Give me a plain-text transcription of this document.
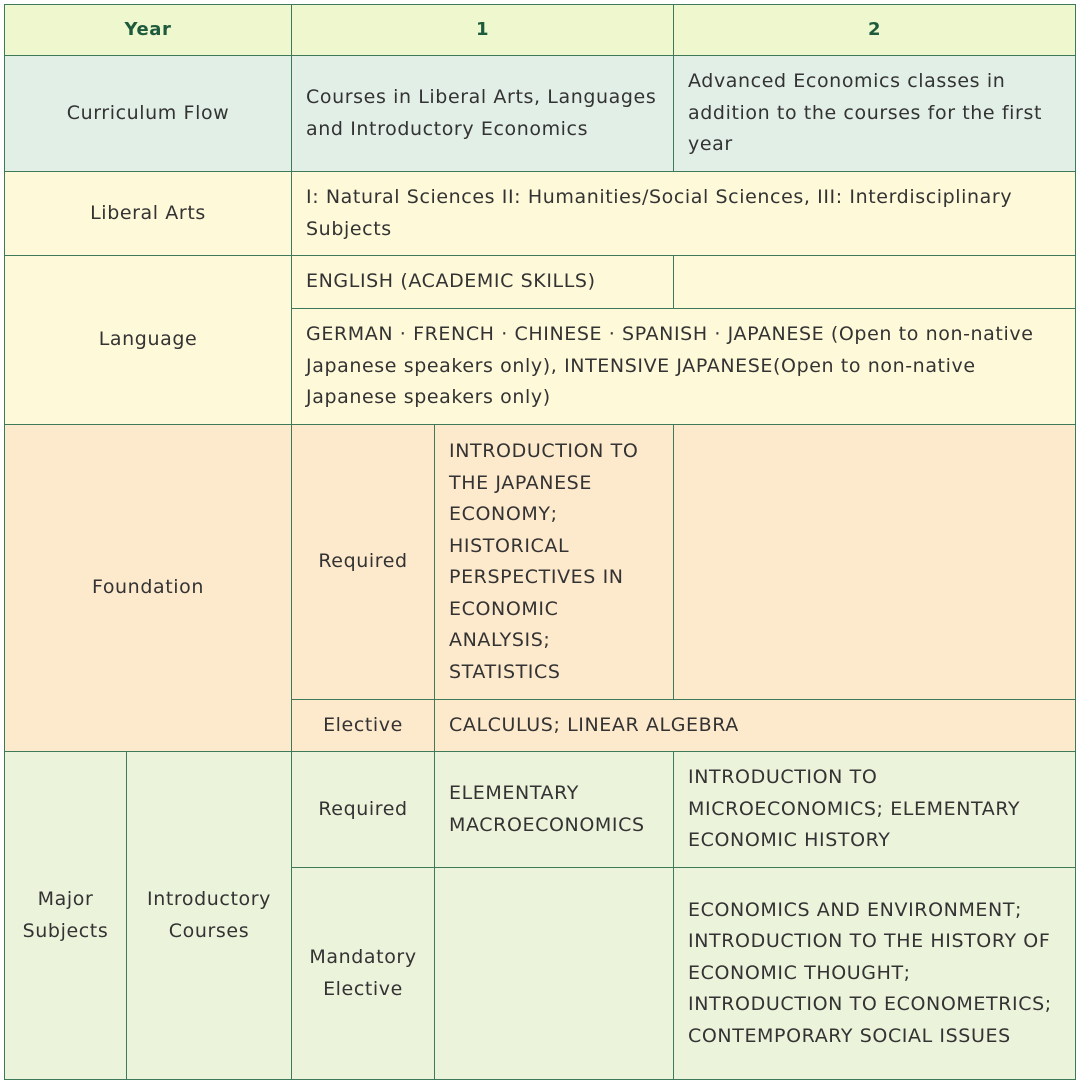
Year		1		2
Curriculum Flow		Courses in Liberal Arts, Languages and Introductory Economics		Advanced Economics classes in addition to the courses for the first year
Liberal Arts		I: Natural Sciences II: Humanities/Social Sciences, III: Interdisciplinary Subjects		
Language		ENGLISH (ACADEMIC SKILLS)		
		GERMAN · FRENCH · CHINESE · SPANISH · JAPANESE (Open to non-native Japanese speakers only), INTENSIVE JAPANESE(Open to non-native Japanese speakers only)		
Foundation		Required	INTRODUCTION TO THE JAPANESE ECONOMY; HISTORICAL PERSPECTIVES IN ECONOMIC ANALYSIS; STATISTICS	
		Elective	CALCULUS; LINEAR ALGEBRA	
Major Subjects	Introductory Courses	Required	ELEMENTARY MACROECONOMICS	INTRODUCTION TO MICROECONOMICS; ELEMENTARY ECONOMIC HISTORY
		Mandatory Elective		ECONOMICS AND ENVIRONMENT; INTRODUCTION TO THE HISTORY OF ECONOMIC THOUGHT; INTRODUCTION TO ECONOMETRICS; CONTEMPORARY SOCIAL ISSUES
